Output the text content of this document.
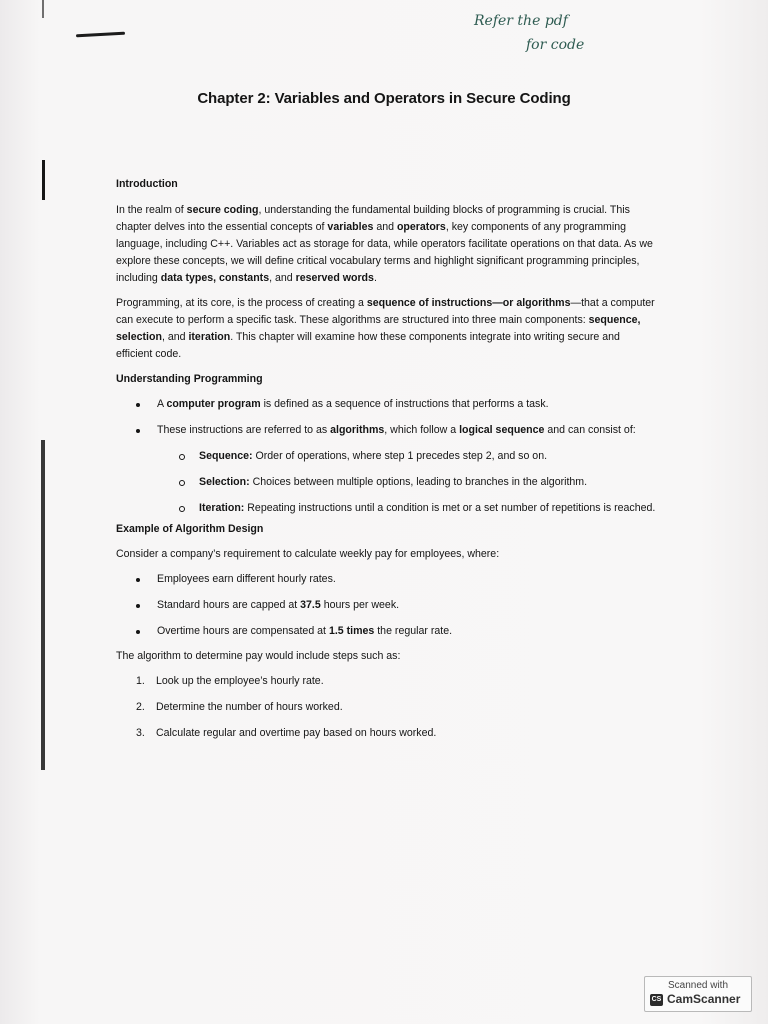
Refer the pdf
for code
Chapter 2: Variables and Operators in Secure Coding

Introduction

In the realm of secure coding, understanding the fundamental building blocks of programming is crucial. This chapter delves into the essential concepts of variables and operators, key components of any programming language, including C++. Variables act as storage for data, while operators facilitate operations on that data. As we explore these concepts, we will define critical vocabulary terms and highlight significant programming principles, including data types, constants, and reserved words.

Programming, at its core, is the process of creating a sequence of instructions—or algorithms—that a computer can execute to perform a specific task. These algorithms are structured into three main components: sequence, selection, and iteration. This chapter will examine how these components integrate into writing secure and efficient code.

Understanding Programming

A computer program is defined as a sequence of instructions that performs a task.
These instructions are referred to as algorithms, which follow a logical sequence and can consist of:
Sequence: Order of operations, where step 1 precedes step 2, and so on.
Selection: Choices between multiple options, leading to branches in the algorithm.
Iteration: Repeating instructions until a condition is met or a set number of repetitions is reached.

Example of Algorithm Design

Consider a company’s requirement to calculate weekly pay for employees, where:

Employees earn different hourly rates.
Standard hours are capped at 37.5 hours per week.
Overtime hours are compensated at 1.5 times the regular rate.

The algorithm to determine pay would include steps such as:

1. Look up the employee’s hourly rate.
2. Determine the number of hours worked.
3. Calculate regular and overtime pay based on hours worked.
Scanned with
CS CamScanner
